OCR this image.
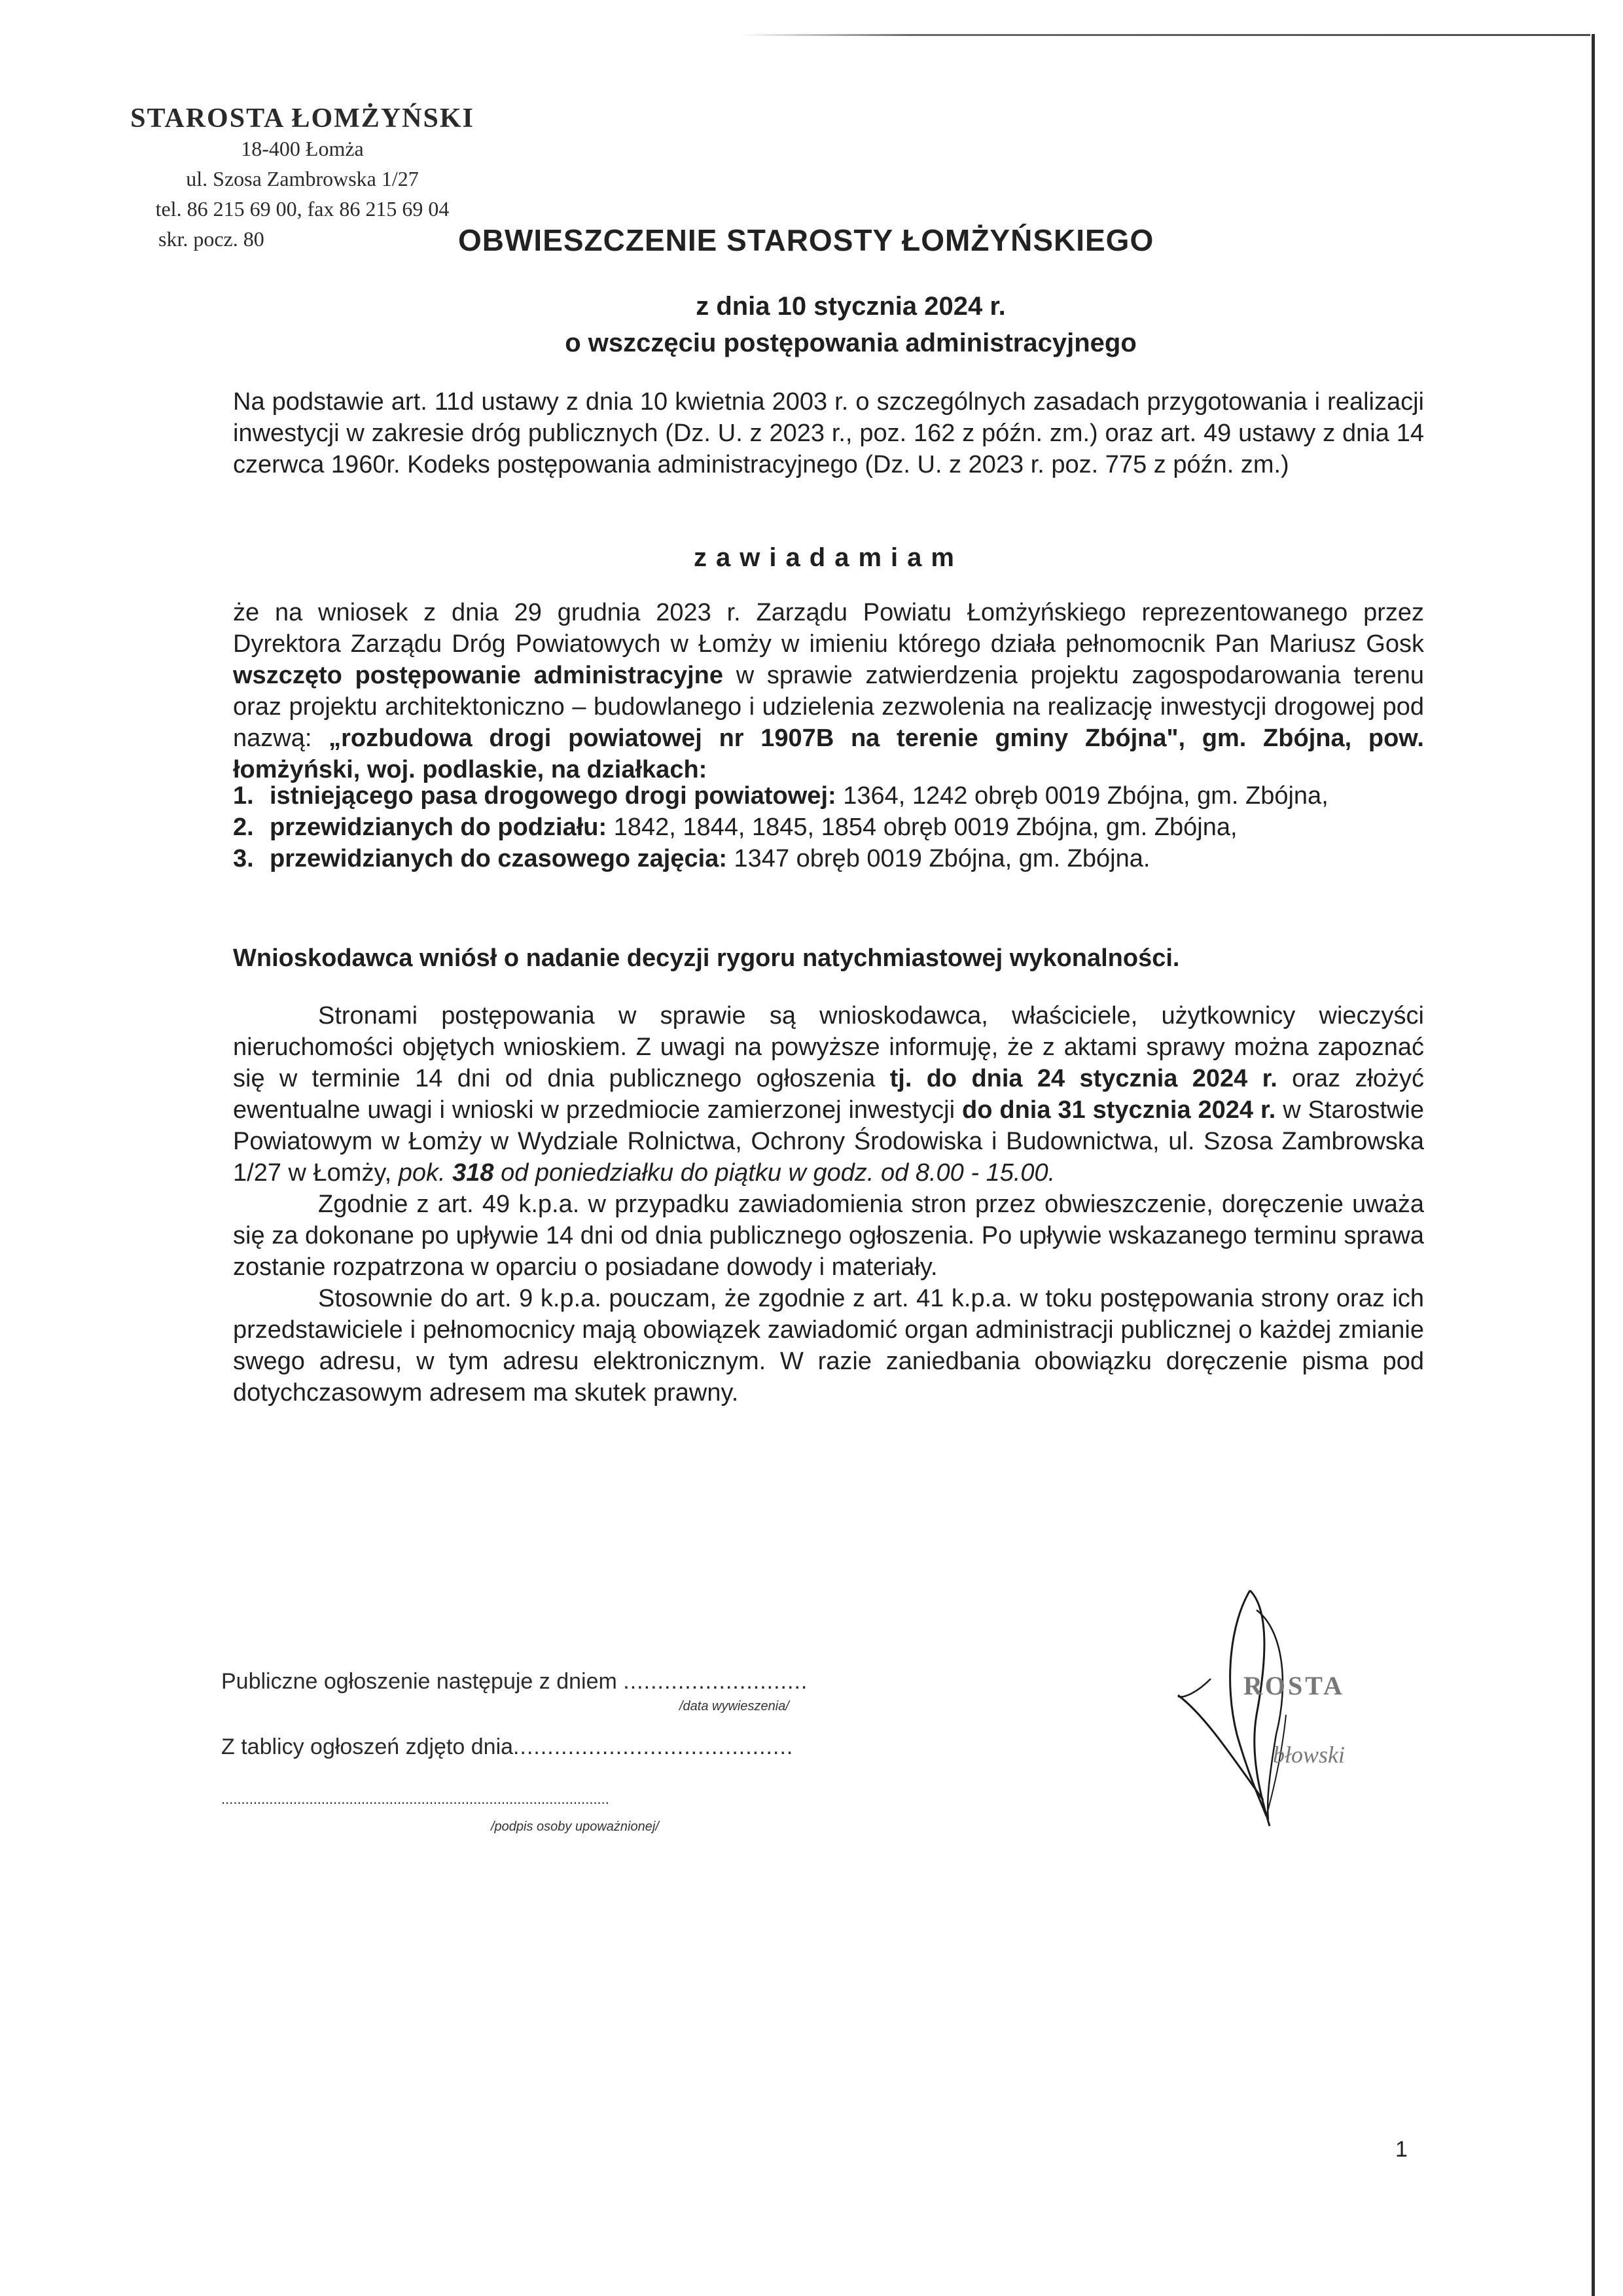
STAROSTA ŁOMŻYŃSKI
18-400 Łomża
ul. Szosa Zambrowska 1/27
tel. 86 215 69 00, fax 86 215 69 04
skr. pocz. 80	OBWIESZCZENIE STAROSTY ŁOMŻYŃSKIEGO
z dnia 10 stycznia 2024 r.
o wszczęciu postępowania administracyjnego
Na podstawie art. 11d ustawy z dnia 10 kwietnia 2003 r. o szczególnych zasadach przygotowania i realizacji inwestycji w zakresie dróg publicznych (Dz. U. z 2023 r., poz. 162 z późn. zm.) oraz art. 49 ustawy z dnia 14 czerwca 1960r. Kodeks postępowania administracyjnego (Dz. U. z 2023 r. poz. 775 z późn. zm.)
zawiadamiam
że na wniosek z dnia 29 grudnia 2023 r. Zarządu Powiatu Łomżyńskiego reprezentowanego przez Dyrektora Zarządu Dróg Powiatowych w Łomży w imieniu którego działa pełnomocnik Pan Mariusz Gosk wszczęto postępowanie administracyjne w sprawie zatwierdzenia projektu zagospodarowania terenu oraz projektu architektoniczno – budowlanego i udzielenia zezwolenia na realizację inwestycji drogowej pod nazwą: „rozbudowa drogi powiatowej nr 1907B na terenie gminy Zbójna", gm. Zbójna, pow. łomżyński, woj. podlaskie, na działkach:
1. istniejącego pasa drogowego drogi powiatowej: 1364, 1242 obręb 0019 Zbójna, gm. Zbójna,
2. przewidzianych do podziału: 1842, 1844, 1845, 1854 obręb 0019 Zbójna, gm. Zbójna,
3. przewidzianych do czasowego zajęcia: 1347 obręb 0019 Zbójna, gm. Zbójna.
Wnioskodawca wniósł o nadanie decyzji rygoru natychmiastowej wykonalności.
Stronami postępowania w sprawie są wnioskodawca, właściciele, użytkownicy wieczyści nieruchomości objętych wnioskiem. Z uwagi na powyższe informuję, że z aktami sprawy można zapoznać się w terminie 14 dni od dnia publicznego ogłoszenia tj. do dnia 24 stycznia 2024 r. oraz złożyć ewentualne uwagi i wnioski w przedmiocie zamierzonej inwestycji do dnia 31 stycznia 2024 r. w Starostwie Powiatowym w Łomży w Wydziale Rolnictwa, Ochrony Środowiska i Budownictwa, ul. Szosa Zambrowska 1/27 w Łomży, pok. 318 od poniedziałku do piątku w godz. od 8.00 - 15.00.
Zgodnie z art. 49 k.p.a. w przypadku zawiadomienia stron przez obwieszczenie, doręczenie uważa się za dokonane po upływie 14 dni od dnia publicznego ogłoszenia. Po upływie wskazanego terminu sprawa zostanie rozpatrzona w oparciu o posiadane dowody i materiały.
Stosownie do art. 9 k.p.a. pouczam, że zgodnie z art. 41 k.p.a. w toku postępowania strony oraz ich przedstawiciele i pełnomocnicy mają obowiązek zawiadomić organ administracji publicznej o każdej zmianie swego adresu, w tym adresu elektronicznym. W razie zaniedbania obowiązku doręczenie pisma pod dotychczasowym adresem ma skutek prawny.
Publiczne ogłoszenie następuje z dniem ...........................
/data wywieszenia/
Z tablicy ogłoszeń zdjęto dnia.........................................
.................................................................................................
/podpis osoby upoważnionej/
ROSTA
błowski
1
